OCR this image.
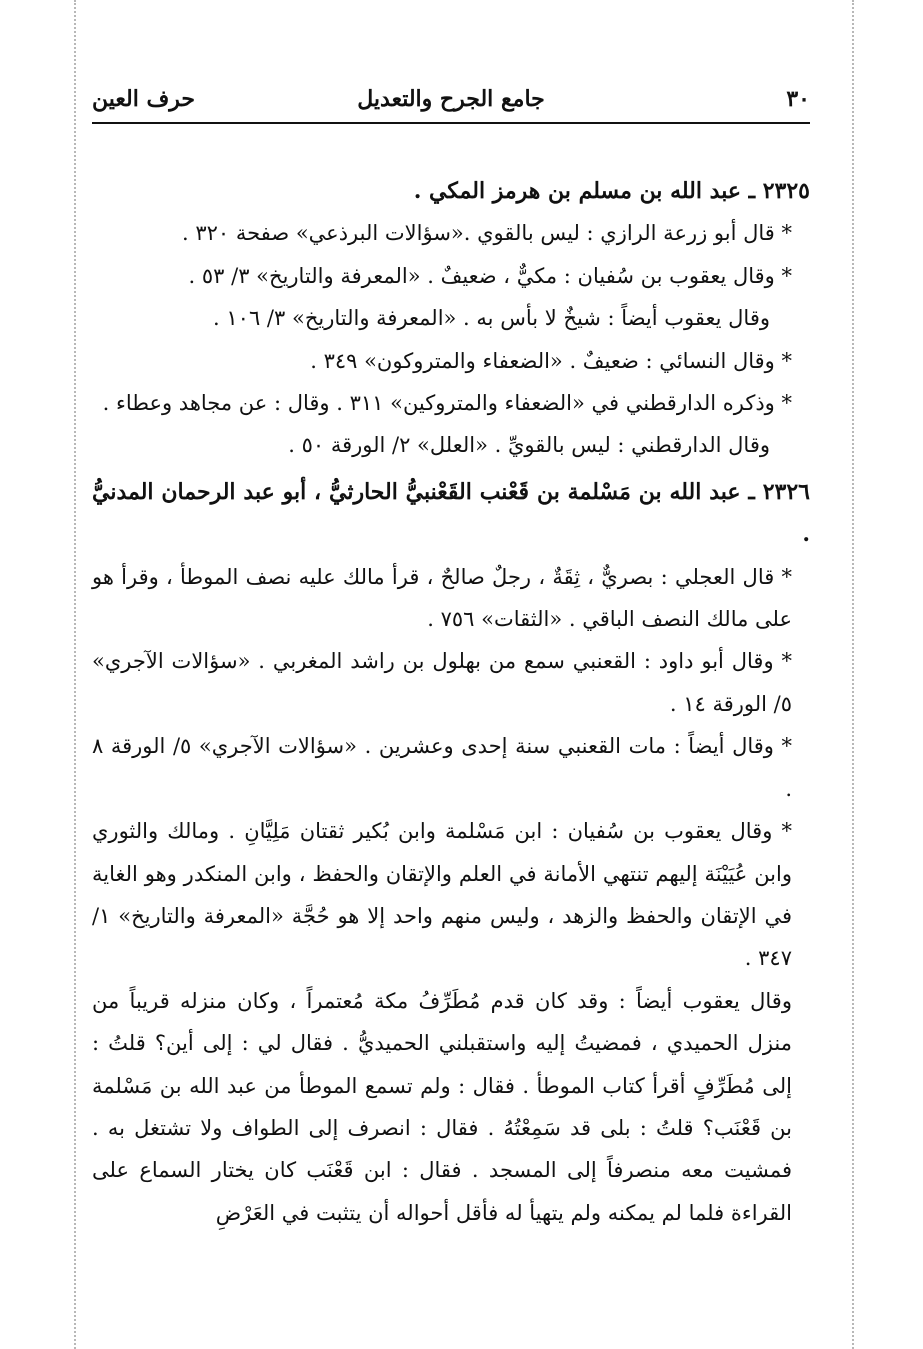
٣٠
جامع الجرح والتعديل
حرف العين

٢٣٢٥ ـ عبد الله بن مسلم بن هرمز المكي .

* قال أبو زرعة الرازي : ليس بالقوي .«سؤالات البرذعي» صفحة ٣٢٠ .

* وقال يعقوب بن سُفيان : مكيٌّ ، ضعيفٌ . «المعرفة والتاريخ» ٣/ ٥٣ .

وقال يعقوب أيضاً : شيخٌ لا بأس به . «المعرفة والتاريخ» ٣/ ١٠٦ .

* وقال النسائي : ضعيفٌ . «الضعفاء والمتروكون» ٣٤٩ .

* وذكره الدارقطني في «الضعفاء والمتروكين» ٣١١ . وقال : عن مجاهد وعطاء .

وقال الدارقطني : ليس بالقويِّ . «العلل» ٢/ الورقة ٥٠ .

٢٣٢٦ ـ عبد الله بن مَسْلمة بن قَعْنب القَعْنبيُّ الحارثيُّ ، أبو عبد الرحمان المدنيُّ .

* قال العجلي : بصريٌّ ، ثِقَةٌ ، رجلٌ صالحٌ ، قرأ مالك عليه نصف الموطأ ، وقرأ هو على مالك النصف الباقي . «الثقات» ٧٥٦ .

* وقال أبو داود : القعنبي سمع من بهلول بن راشد المغربي . «سؤالات الآجري» ٥/ الورقة ١٤ .

* وقال أيضاً : مات القعنبي سنة إحدى وعشرين . «سؤالات الآجري» ٥/ الورقة ٨ .

* وقال يعقوب بن سُفيان : ابن مَسْلمة وابن بُكير ثقتان مَلِيَّانِ . ومالك والثوري وابن عُيَيْنَة إليهم تنتهي الأمانة في العلم والإتقان والحفظ ، وابن المنكدر وهو الغاية في الإتقان والحفظ والزهد ، وليس منهم واحد إلا هو حُجَّة «المعرفة والتاريخ» ١/ ٣٤٧ .

وقال يعقوب أيضاً : وقد كان قدم مُطَرِّفُ مكة مُعتمراً ، وكان منزله قريباً من منزل الحميدي ، فمضيتُ إليه واستقبلني الحميديُّ . فقال لي : إلى أين؟ قلتُ : إلى مُطَرِّفٍ أقرأ كتاب الموطأ . فقال : ولم تسمع الموطأ من عبد الله بن مَسْلمة بن قَعْنَب؟ قلتُ : بلى قد سَمِعْتُهُ . فقال : انصرف إلى الطواف ولا تشتغل به . فمشيت معه منصرفاً إلى المسجد . فقال : ابن قَعْنَب كان يختار السماع على القراءة فلما لم يمكنه ولم يتهيأ له فأقل أحواله أن يتثبت في العَرْضِ
